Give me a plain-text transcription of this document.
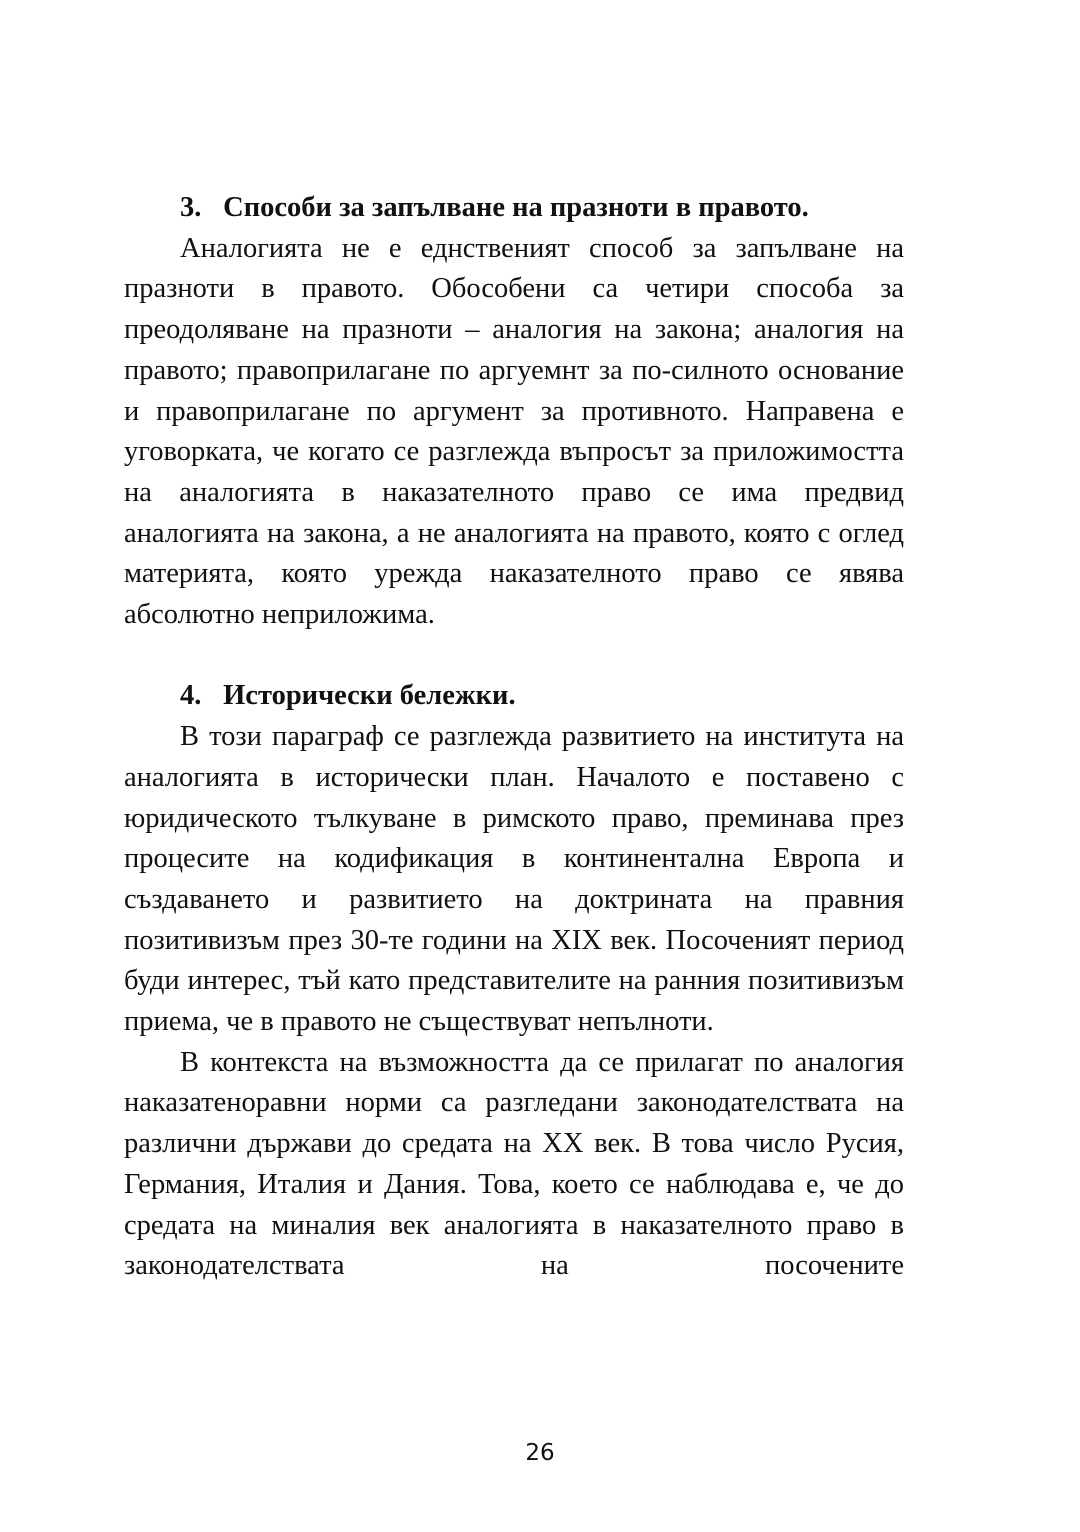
3. Способи за запълване на празноти в правото.

Аналогията не е еднственият способ за запълване на празноти в правото. Обособени са четири способа за преодоляване на празноти – аналогия на закона; аналогия на правото; правоприлагане по аргуемнт за по-силното основание и правоприлагане по аргумент за противното. Направена е уговорката, че когато се разглежда въпросът за приложимостта на аналогията в наказателното право се има предвид аналогията на закона, а не аналогията на правото, която с оглед материята, която урежда наказателното право се явява абсолютно неприложима.

4. Исторически бележки.

В този параграф се разглежда развитието на института на аналогията в исторически план. Началото е поставено с юридическото тълкуване в римското право, преминава през процесите на кодификация в континентална Европа и създаването и развитието на доктрината на правния позитивизъм през 30-те години на XIX век. Посоченият период буди интерес, тъй като представителите на ранния позитивизъм приема, че в правото не съществуват непълноти.

В контекста на възможността да се прилагат по аналогия наказатеноравни норми са разгледани законодателствата на различни държави до средата на XX век. В това число Русия, Германия, Италия и Дания. Това, което се наблюдава е, че до средата на миналия век аналогията в наказателното право в законодателствата на посочените

26
